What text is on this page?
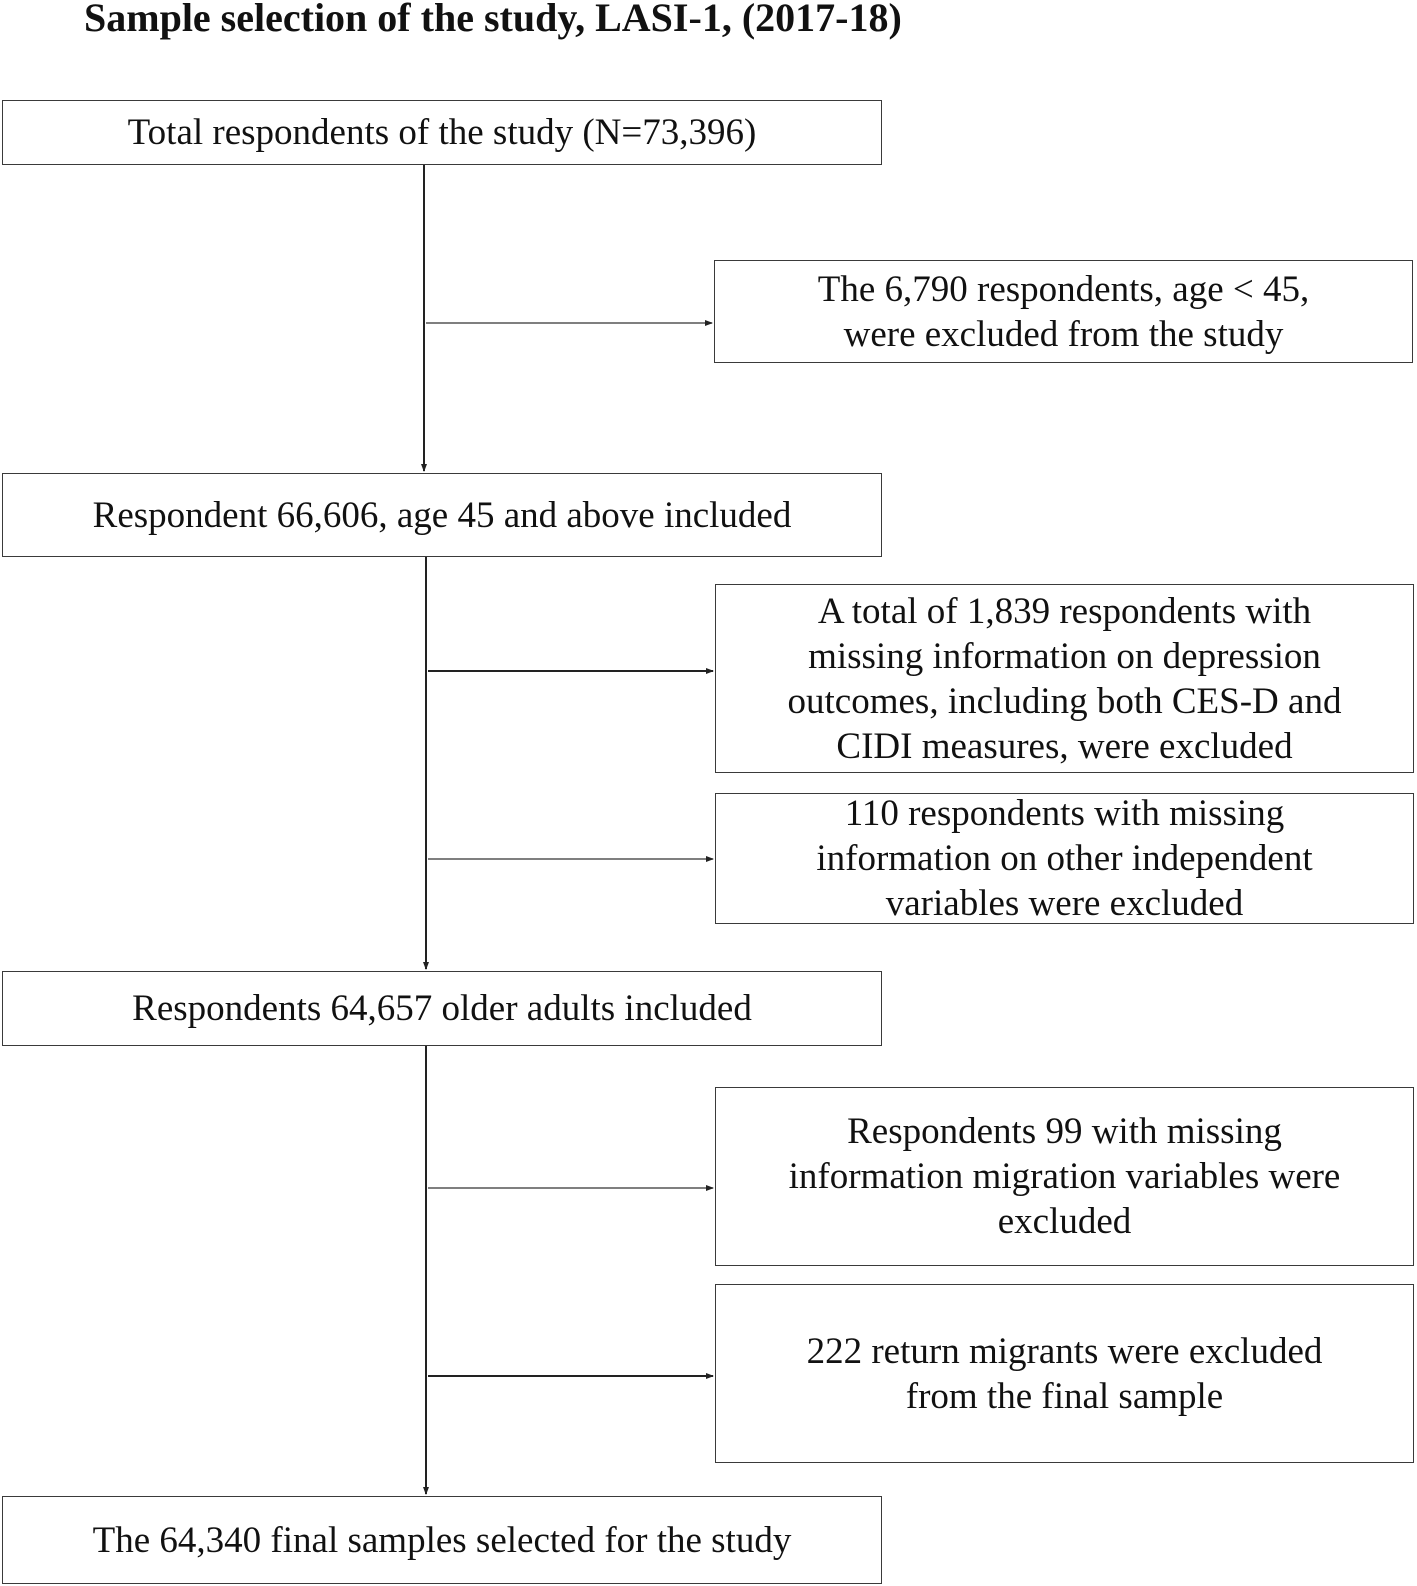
Sample selection of the study, LASI-1, (2017-18)
Total respondents of the study (N=73,396)
The 6,790 respondents, age < 45,
were excluded from the study
Respondent 66,606, age 45 and above included
A total of 1,839 respondents with
missing information on depression
outcomes, including both CES-D and
CIDI measures, were excluded
110 respondents with missing
information on other independent
variables were excluded
Respondents 64,657 older adults included
Respondents 99 with missing
information migration variables were
excluded
222 return migrants were excluded
from the final sample
The 64,340 final samples selected for the study
